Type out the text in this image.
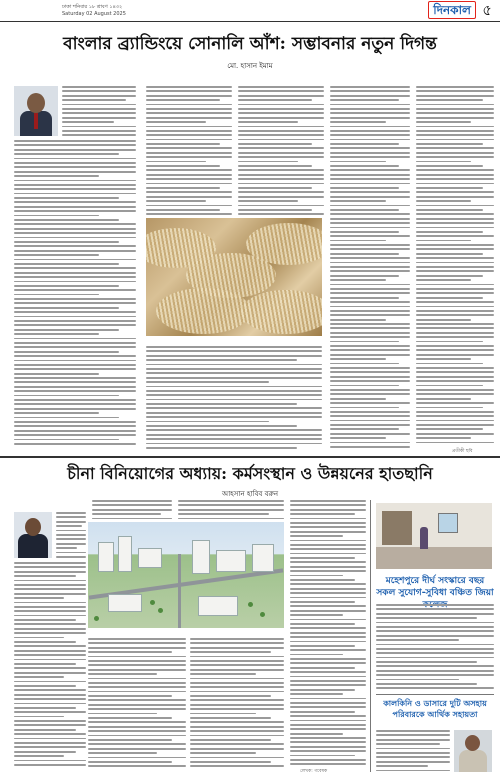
ঢাকা শনিবার ১৮ শ্রাবণ ১৪৩২
Saturday 02 August 2025	দিনকাল ৫
বাংলার ব্র্যান্ডিংয়ে সোনালি আঁশ: সম্ভাবনার নতুন দিগন্ত
মো. হাসান ইমাম
প্রতীকী ছবি
চীনা বিনিয়োগের অধ্যায়: কর্মসংস্থান ও উন্নয়নের হাতছানি
আহসান হাবিব বরুন
লেখক: গবেষক
মহেশপুরে দীর্ঘ সংস্কারে বছর সকল সুযোগ-সুবিধা বঞ্চিত জিয়া
কালকিনি ও ডাসারে দুটি অসহায় পরিবারকে আর্থিক সহায়তা
